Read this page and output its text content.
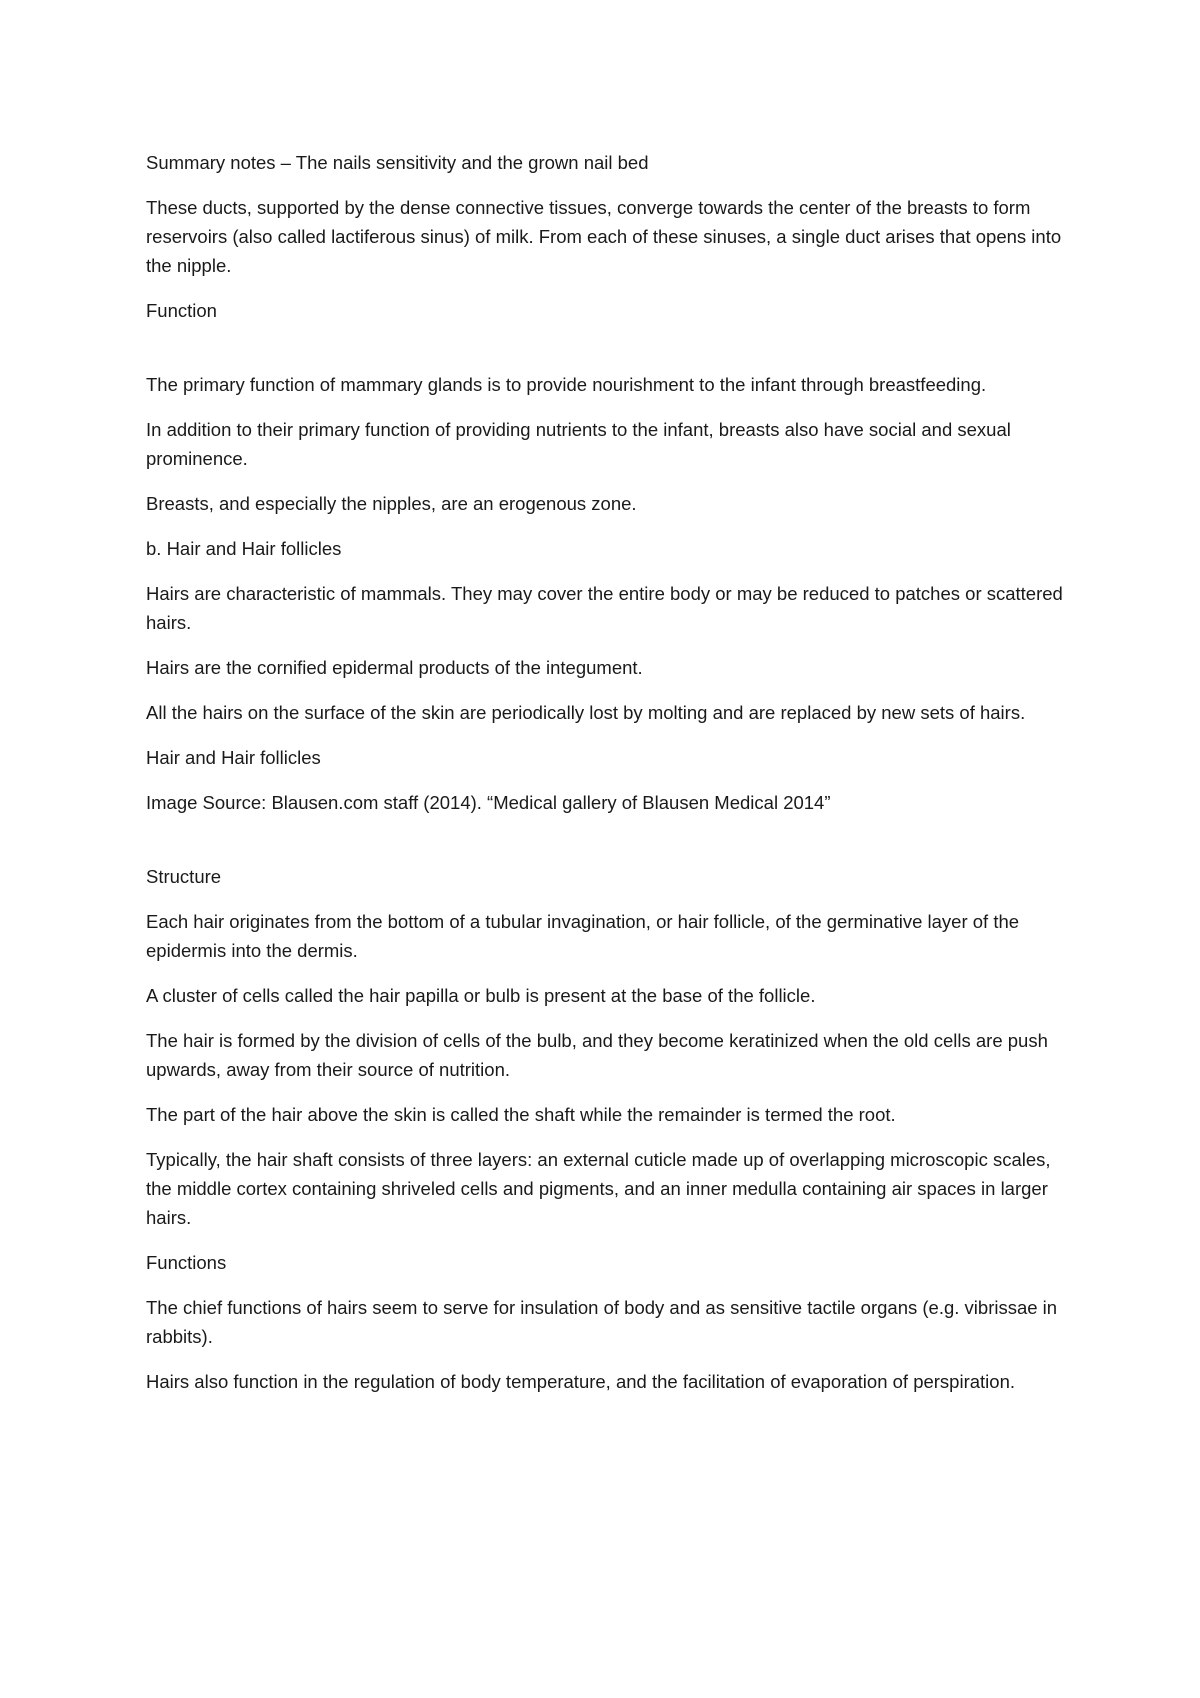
Summary notes – The nails sensitivity and the grown nail bed

These ducts, supported by the dense connective tissues, converge towards the center of the breasts to form reservoirs (also called lactiferous sinus) of milk. From each of these sinuses, a single duct arises that opens into the nipple.

Function

The primary function of mammary glands is to provide nourishment to the infant through breastfeeding.

In addition to their primary function of providing nutrients to the infant, breasts also have social and sexual prominence.

Breasts, and especially the nipples, are an erogenous zone.

b. Hair and Hair follicles

Hairs are characteristic of mammals. They may cover the entire body or may be reduced to patches or scattered hairs.

Hairs are the cornified epidermal products of the integument.

All the hairs on the surface of the skin are periodically lost by molting and are replaced by new sets of hairs.

Hair and Hair follicles

Image Source: Blausen.com staff (2014). “Medical gallery of Blausen Medical 2014”

Structure

Each hair originates from the bottom of a tubular invagination, or hair follicle, of the germinative layer of the epidermis into the dermis.

A cluster of cells called the hair papilla or bulb is present at the base of the follicle.

The hair is formed by the division of cells of the bulb, and they become keratinized when the old cells are push upwards, away from their source of nutrition.

The part of the hair above the skin is called the shaft while the remainder is termed the root.

Typically, the hair shaft consists of three layers: an external cuticle made up of overlapping microscopic scales, the middle cortex containing shriveled cells and pigments, and an inner medulla containing air spaces in larger hairs.

Functions

The chief functions of hairs seem to serve for insulation of body and as sensitive tactile organs (e.g. vibrissae in rabbits).

Hairs also function in the regulation of body temperature, and the facilitation of evaporation of perspiration.
